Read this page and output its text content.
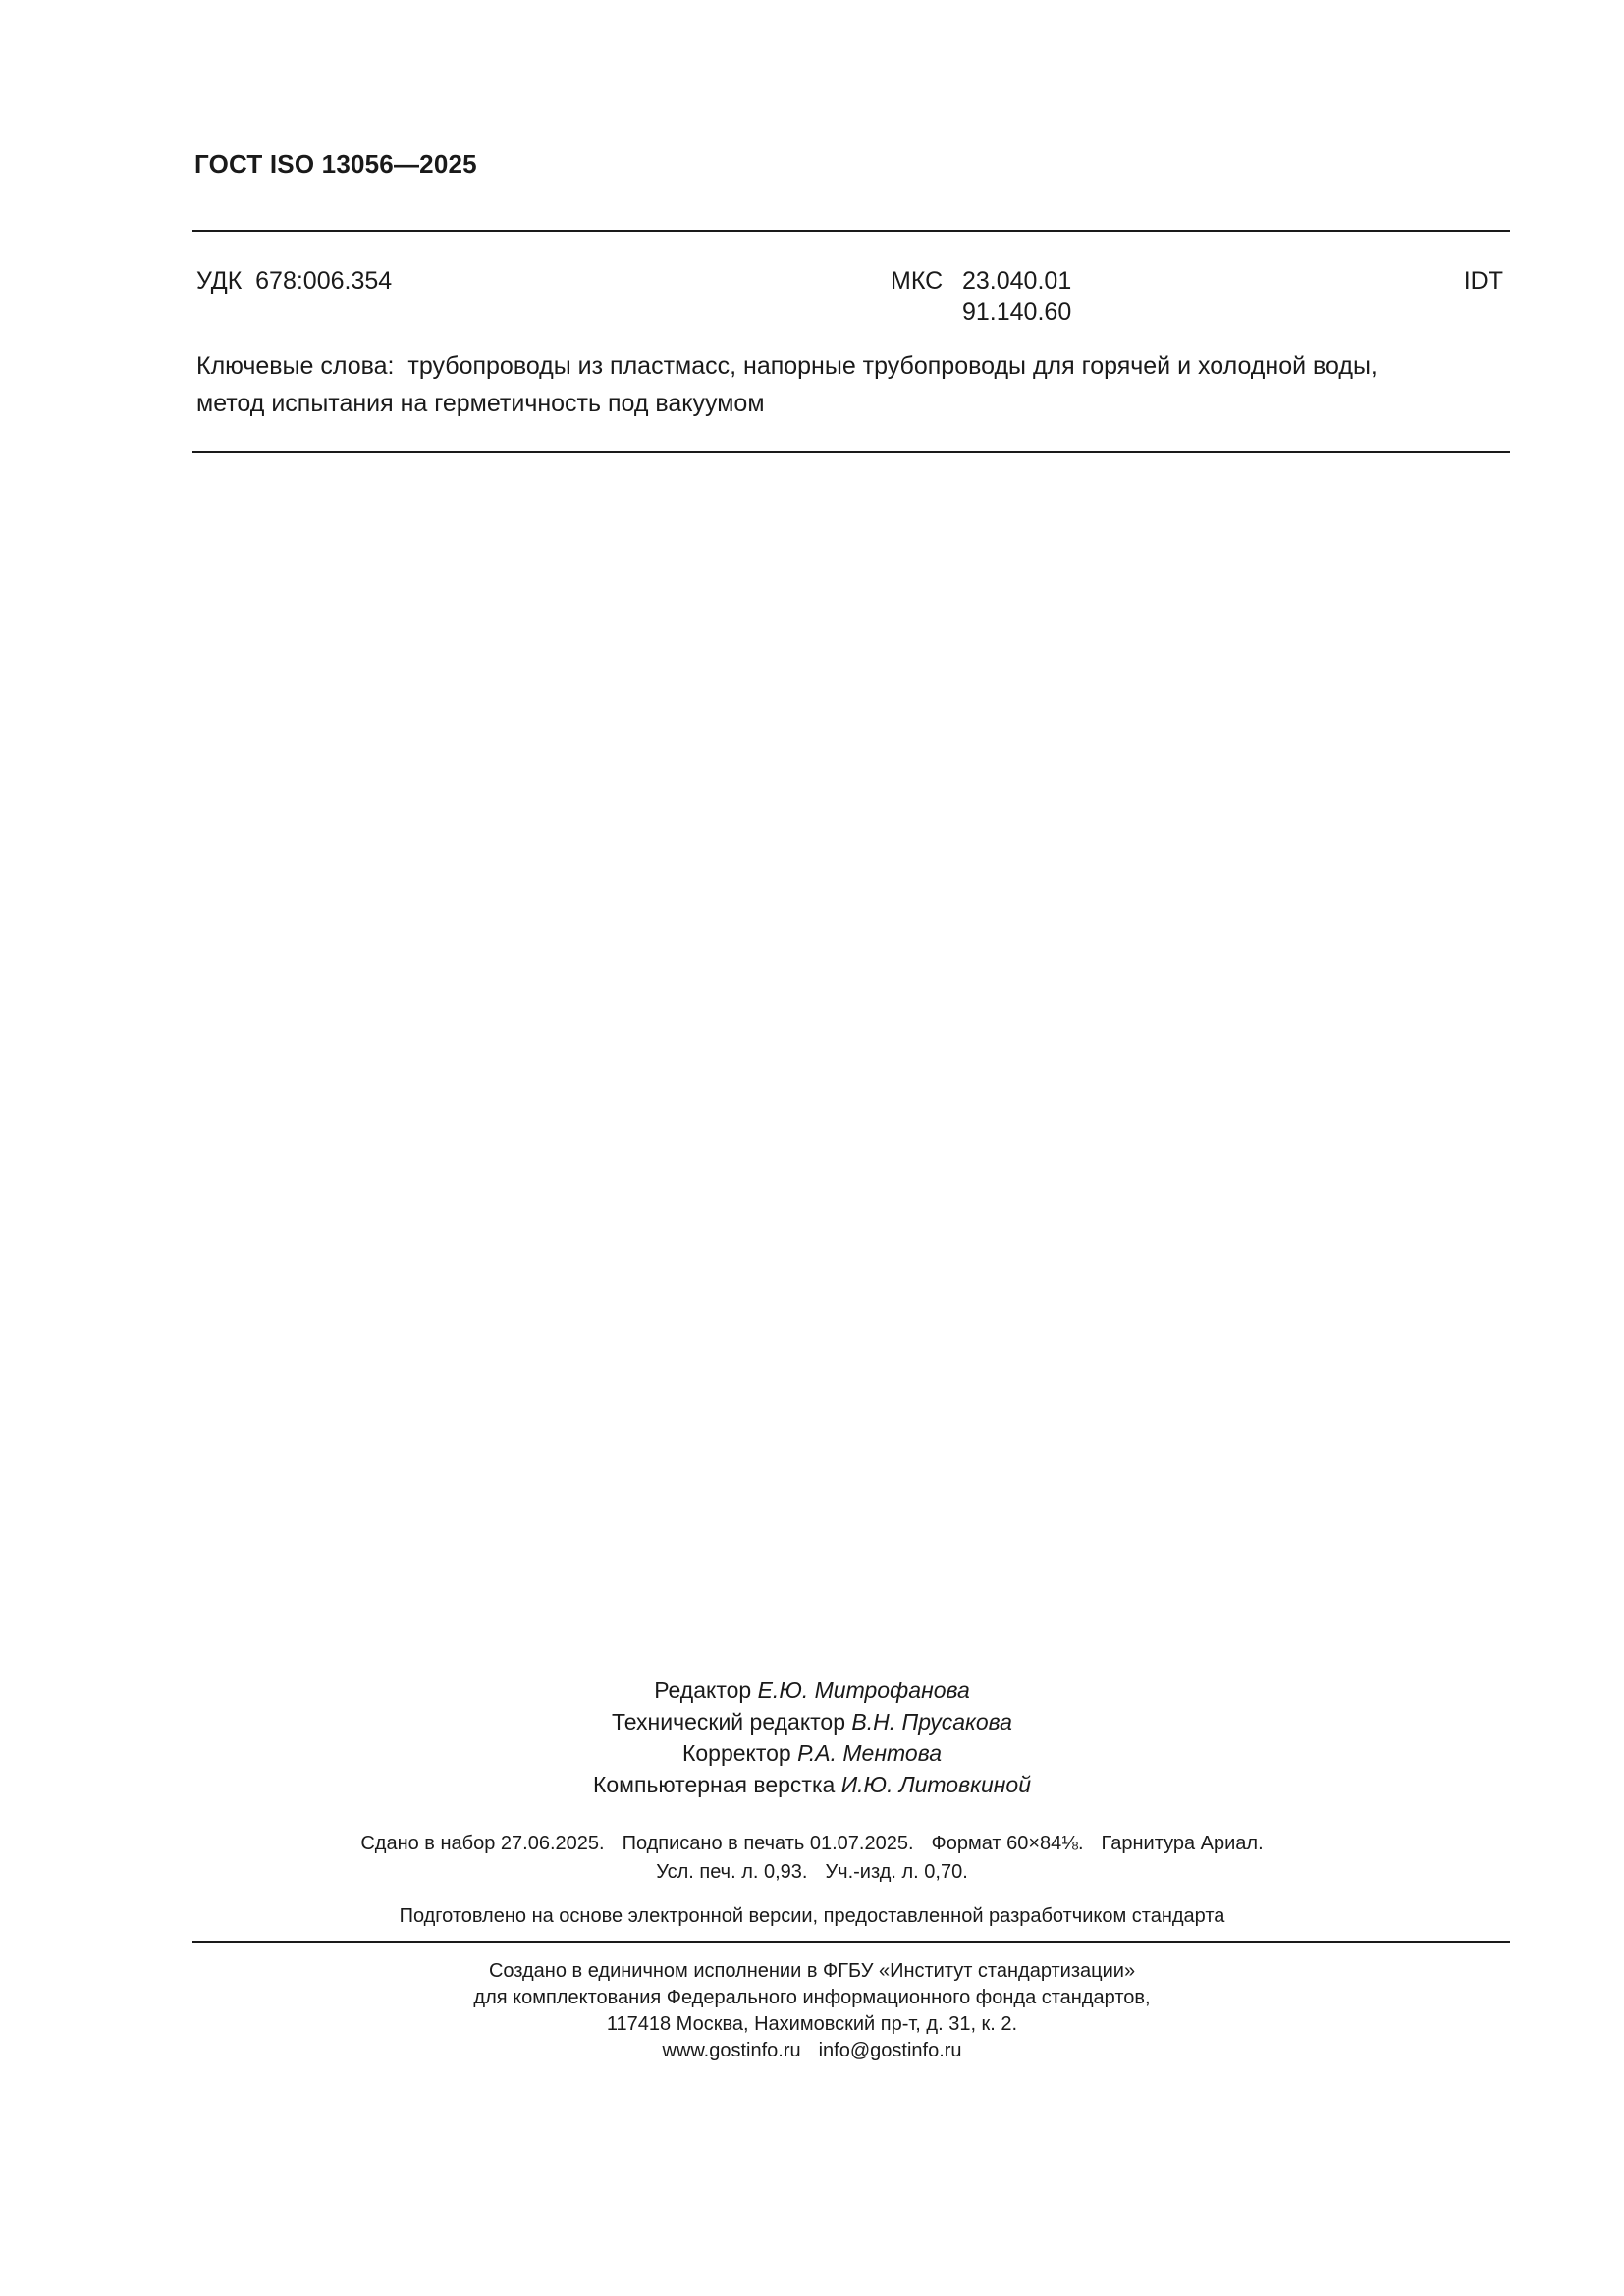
ГОСТ ISO 13056—2025
УДК  678:006.354	МКС 23.040.01
91.140.60
IDT
Ключевые слова:  трубопроводы из пластмасс, напорные трубопроводы для горячей и холодной воды,
метод испытания на герметичность под вакуумом
Редактор Е.Ю. Митрофанова
Технический редактор В.Н. Прусакова
Корректор Р.А. Ментова
Компьютерная верстка И.Ю. Литовкиной
Сдано в набор 27.06.2025. Подписано в печать 01.07.2025. Формат 60×84⅛. Гарнитура Ариал.
Усл. печ. л. 0,93. Уч.-изд. л. 0,70.
Подготовлено на основе электронной версии, предоставленной разработчиком стандарта
Создано в единичном исполнении в ФГБУ «Институт стандартизации»
для комплектования Федерального информационного фонда стандартов,
117418 Москва, Нахимовский пр-т, д. 31, к. 2.
www.gostinfo.ru info@gostinfo.ru
